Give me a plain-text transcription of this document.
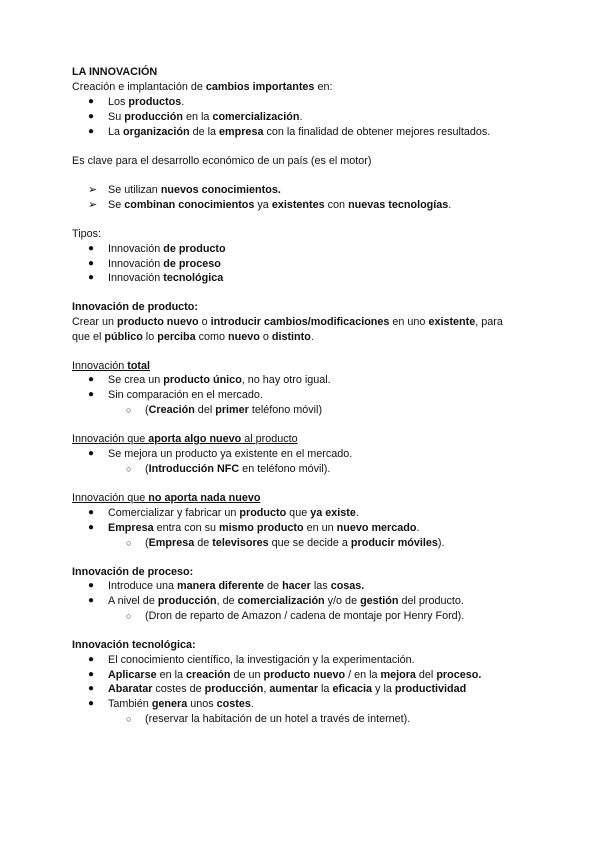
LA INNOVACIÓN
Creación e implantación de cambios importantes en:
● Los productos.
● Su producción en la comercialización.
● La organización de la empresa con la finalidad de obtener mejores resultados.
Es clave para el desarrollo económico de un país (es el motor)
➢ Se utilizan nuevos conocimientos.
➢ Se combinan conocimientos ya existentes con nuevas tecnologías.
Tipos:
● Innovación de producto
● Innovación de proceso
● Innovación tecnológica
Innovación de producto:
Crear un producto nuevo o introducir cambios/modificaciones en uno existente, para
que el público lo perciba como nuevo o distinto.
Innovación total
● Se crea un producto único, no hay otro igual.
● Sin comparación en el mercado.
○ (Creación del primer teléfono móvil)
Innovación que aporta algo nuevo al producto
● Se mejora un producto ya existente en el mercado.
○ (Introducción NFC en teléfono móvil).
Innovación que no aporta nada nuevo
● Comercializar y fabricar un producto que ya existe.
● Empresa entra con su mismo producto en un nuevo mercado.
○ (Empresa de televisores que se decide a producir móviles).
Innovación de proceso:
● Introduce una manera diferente de hacer las cosas.
● A nivel de producción, de comercialización y/o de gestión del producto.
○ (Dron de reparto de Amazon / cadena de montaje por Henry Ford).
Innovación tecnológica:
● El conocimiento científico, la investigación y la experimentación.
● Aplicarse en la creación de un producto nuevo / en la mejora del proceso.
● Abaratar costes de producción, aumentar la eficacia y la productividad
● También genera unos costes.
○ (reservar la habitación de un hotel a través de internet).
